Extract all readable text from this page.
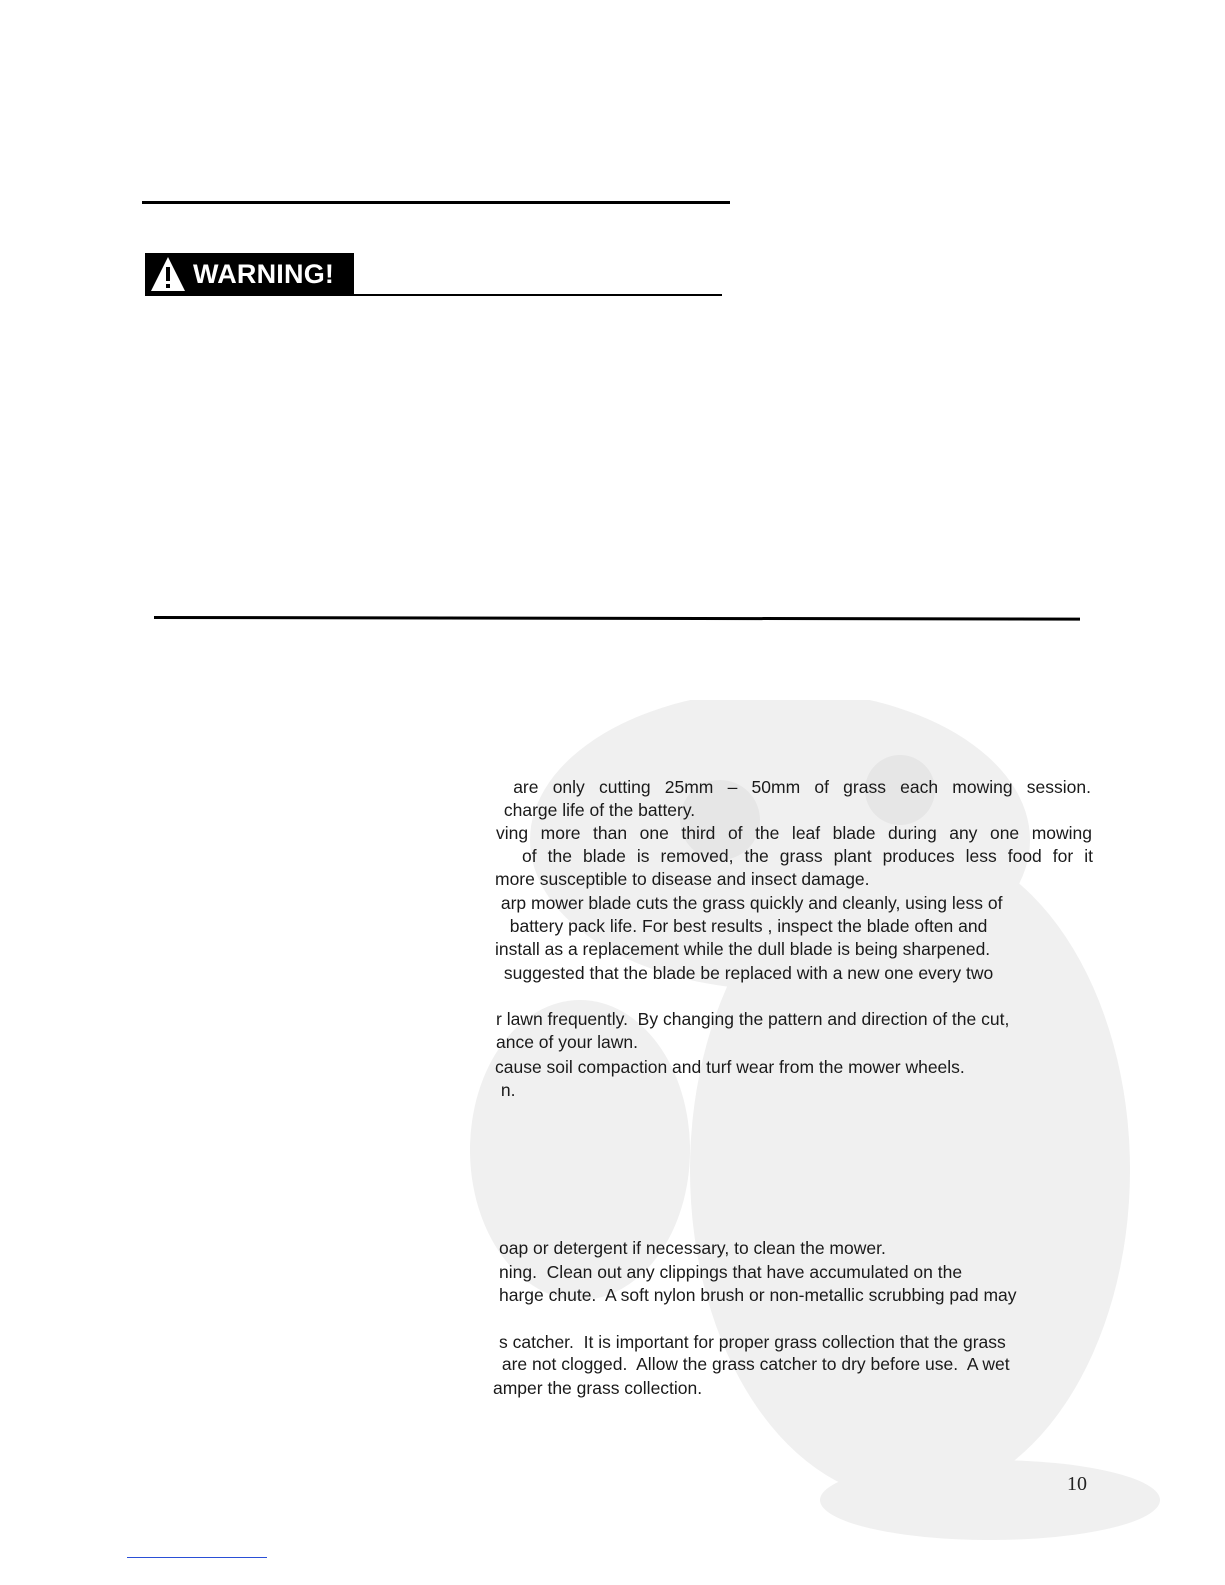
WARNING!
are only cutting 25mm – 50mm of grass each mowing session.
charge life of the battery.
ving more than one third of the leaf blade during any one mowing
of the blade is removed, the grass plant produces less food for it
more susceptible to disease and insect damage.
arp mower blade cuts the grass quickly and cleanly, using less of
battery pack life. For best results , inspect the blade often and
install as a replacement while the dull blade is being sharpened.
suggested that the blade be replaced with a new one every two
r lawn frequently.  By changing the pattern and direction of the cut,
ance of your lawn.
cause soil compaction and turf wear from the mower wheels.
n.
oap or detergent if necessary, to clean the mower.
ning.  Clean out any clippings that have accumulated on the
harge chute.  A soft nylon brush or non-metallic scrubbing pad may
s catcher.  It is important for proper grass collection that the grass
are not clogged.  Allow the grass catcher to dry before use.  A wet
amper the grass collection.
10
